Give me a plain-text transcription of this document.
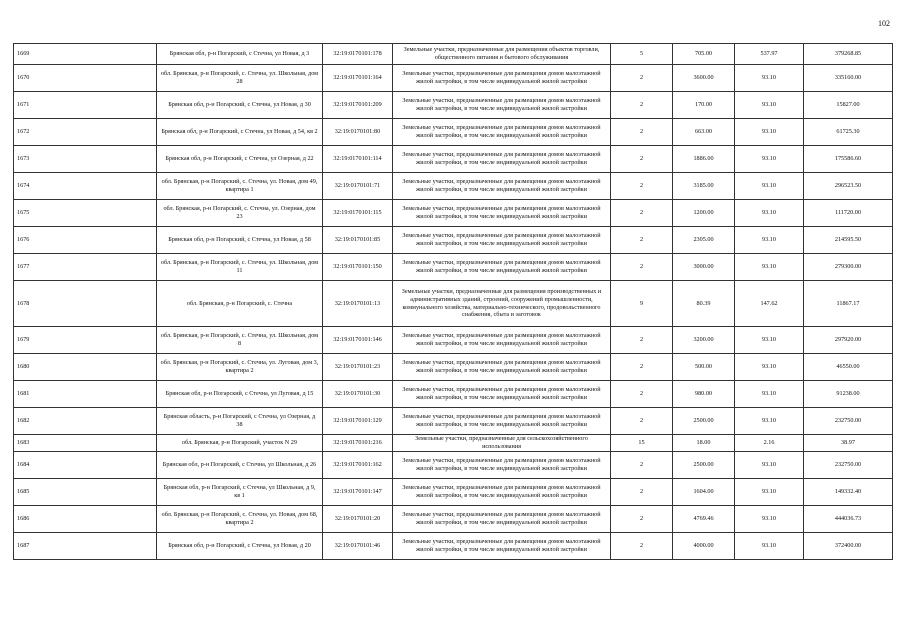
102
1669	Брянская обл, р-н Погарский, с Стечна, ул Новая, д 3	32:19:0170101:178	Земельные участки, предназначенные для размещения объектов торговли, общественного питания и бытового обслуживания	5	705.00	537.97	379268.85
1670	обл. Брянская, р-н Погарский, с. Стечна, ул. Школьная, дом 28	32:19:0170101:164	Земельные участки, предназначенные для размещения домов малоэтажной жилой застройки, в том числе индивидуальной жилой застройки	2	3600.00	93.10	335160.00
1671	Брянская обл, р-н Погарский, с Стечна, ул Новая, д 30	32:19:0170101:209	Земельные участки, предназначенные для размещения домов малоэтажной жилой застройки, в том числе индивидуальной жилой застройки	2	170.00	93.10	15827.00
1672	Брянская обл, р-н Погарский, с Стечна, ул Новая, д 54, кв 2	32:19:0170101:80	Земельные участки, предназначенные для размещения домов малоэтажной жилой застройки, в том числе индивидуальной жилой застройки	2	663.00	93.10	61725.30
1673	Брянская обл, р-н Погарский, с Стечна, ул Озерная, д 22	32:19:0170101:114	Земельные участки, предназначенные для размещения домов малоэтажной жилой застройки, в том числе индивидуальной жилой застройки	2	1886.00	93.10	175586.60
1674	обл. Брянская, р-н Погарский, с. Стечна, ул. Новая, дом 49, квартира 1	32:19:0170101:71	Земельные участки, предназначенные для размещения домов малоэтажной жилой застройки, в том числе индивидуальной жилой застройки	2	3185.00	93.10	296523.50
1675	обл. Брянская, р-н Погарский, с. Стечна, ул. Озерная, дом 23	32:19:0170101:115	Земельные участки, предназначенные для размещения домов малоэтажной жилой застройки, в том числе индивидуальной жилой застройки	2	1200.00	93.10	111720.00
1676	Брянская обл, р-н Погарский, с Стечна, ул Новая, д 58	32:19:0170101:85	Земельные участки, предназначенные для размещения домов малоэтажной жилой застройки, в том числе индивидуальной жилой застройки	2	2305.00	93.10	214595.50
1677	обл. Брянская, р-н Погарский, с. Стечна, ул. Школьная, дом 11	32:19:0170101:150	Земельные участки, предназначенные для размещения домов малоэтажной жилой застройки, в том числе индивидуальной жилой застройки	2	3000.00	93.10	279300.00
1678	обл. Брянская, р-н Погарский, с. Стечна	32:19:0170101:13	Земельные участки, предназначенные для размещения производственных и административных зданий, строений, сооружений промышленности, коммунального хозяйства, материально-технического, продовольственного снабжения, сбыта и заготовок	9	80.39	147.62	11867.17
1679	обл. Брянская, р-н Погарский, с. Стечна, ул. Школьная, дом 8	32:19:0170101:146	Земельные участки, предназначенные для размещения домов малоэтажной жилой застройки, в том числе индивидуальной жилой застройки	2	3200.00	93.10	297920.00
1680	обл. Брянская, р-н Погарский, с. Стечна, ул. Луговая, дом 3, квартира 2	32:19:0170101:23	Земельные участки, предназначенные для размещения домов малоэтажной жилой застройки, в том числе индивидуальной жилой застройки	2	500.00	93.10	46550.00
1681	Брянская обл, р-н Погарский, с Стечна, ул Луговая, д 15	32:19:0170101:30	Земельные участки, предназначенные для размещения домов малоэтажной жилой застройки, в том числе индивидуальной жилой застройки	2	980.00	93.10	91238.00
1682	Брянская область, р-н Погарский, с Стечна, ул Озерная, д 38	32:19:0170101:129	Земельные участки, предназначенные для размещения домов малоэтажной жилой застройки, в том числе индивидуальной жилой застройки	2	2500.00	93.10	232750.00
1683	обл. Брянская, р-н Погарский, участок N 29	32:19:0170101:216	Земельные участки, предназначенные для сельскохозяйственного использования	15	18.00	2.16	38.97
1684	Брянская обл, р-н Погарский, с Стечна, ул Школьная, д 26	32:19:0170101:162	Земельные участки, предназначенные для размещения домов малоэтажной жилой застройки, в том числе индивидуальной жилой застройки	2	2500.00	93.10	232750.00
1685	Брянская обл, р-н Погарский, с Стечна, ул Школьная, д 9, кв 1	32:19:0170101:147	Земельные участки, предназначенные для размещения домов малоэтажной жилой застройки, в том числе индивидуальной жилой застройки	2	1604.00	93.10	149332.40
1686	обл. Брянская, р-н Погарский, с. Стечна, ул. Новая, дом 68, квартира 2	32:19:0170101:20	Земельные участки, предназначенные для размещения домов малоэтажной жилой застройки, в том числе индивидуальной жилой застройки	2	4769.46	93.10	444036.73
1687	Брянская обл, р-н Погарский, с Стечна, ул Новая, д 20	32:19:0170101:46	Земельные участки, предназначенные для размещения домов малоэтажной жилой застройки, в том числе индивидуальной жилой застройки	2	4000.00	93.10	372400.00
